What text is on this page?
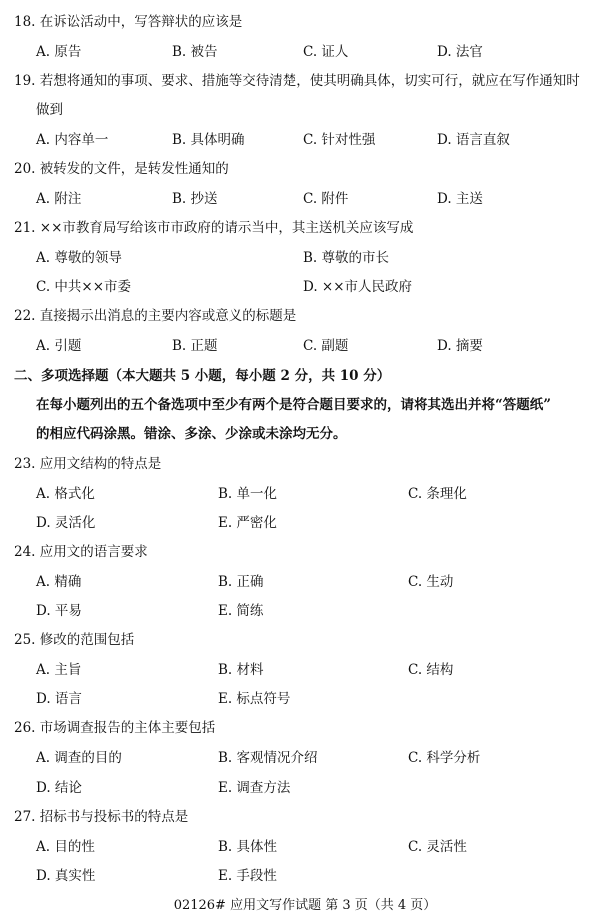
18. 在诉讼活动中，写答辩状的应该是
A. 原告	B. 被告	C. 证人	D. 法官
19. 若想将通知的事项、要求、措施等交待清楚，使其明确具体，切实可行，就应在写作通知时
做到
A. 内容单一	B. 具体明确	C. 针对性强	D. 语言直叙
20. 被转发的文件，是转发性通知的
A. 附注	B. 抄送	C. 附件	D. 主送
21. ××市教育局写给该市市政府的请示当中，其主送机关应该写成
A. 尊敬的领导	B. 尊敬的市长
C. 中共××市委	D. ××市人民政府
22. 直接揭示出消息的主要内容或意义的标题是
A. 引题	B. 正题	C. 副题	D. 摘要
二、多项选择题（本大题共 5 小题，每小题 2 分，共 10 分）
在每小题列出的五个备选项中至少有两个是符合题目要求的，请将其选出并将“答题纸”
的相应代码涂黑。错涂、多涂、少涂或未涂均无分。
23. 应用文结构的特点是
A. 格式化	B. 单一化	C. 条理化
D. 灵活化	E. 严密化
24. 应用文的语言要求
A. 精确	B. 正确	C. 生动
D. 平易	E. 简练
25. 修改的范围包括
A. 主旨	B. 材料	C. 结构
D. 语言	E. 标点符号
26. 市场调查报告的主体主要包括
A. 调查的目的	B. 客观情况介绍	C. 科学分析
D. 结论	E. 调查方法
27. 招标书与投标书的特点是
A. 目的性	B. 具体性	C. 灵活性
D. 真实性	E. 手段性
02126# 应用文写作试题 第 3 页（共 4 页）
